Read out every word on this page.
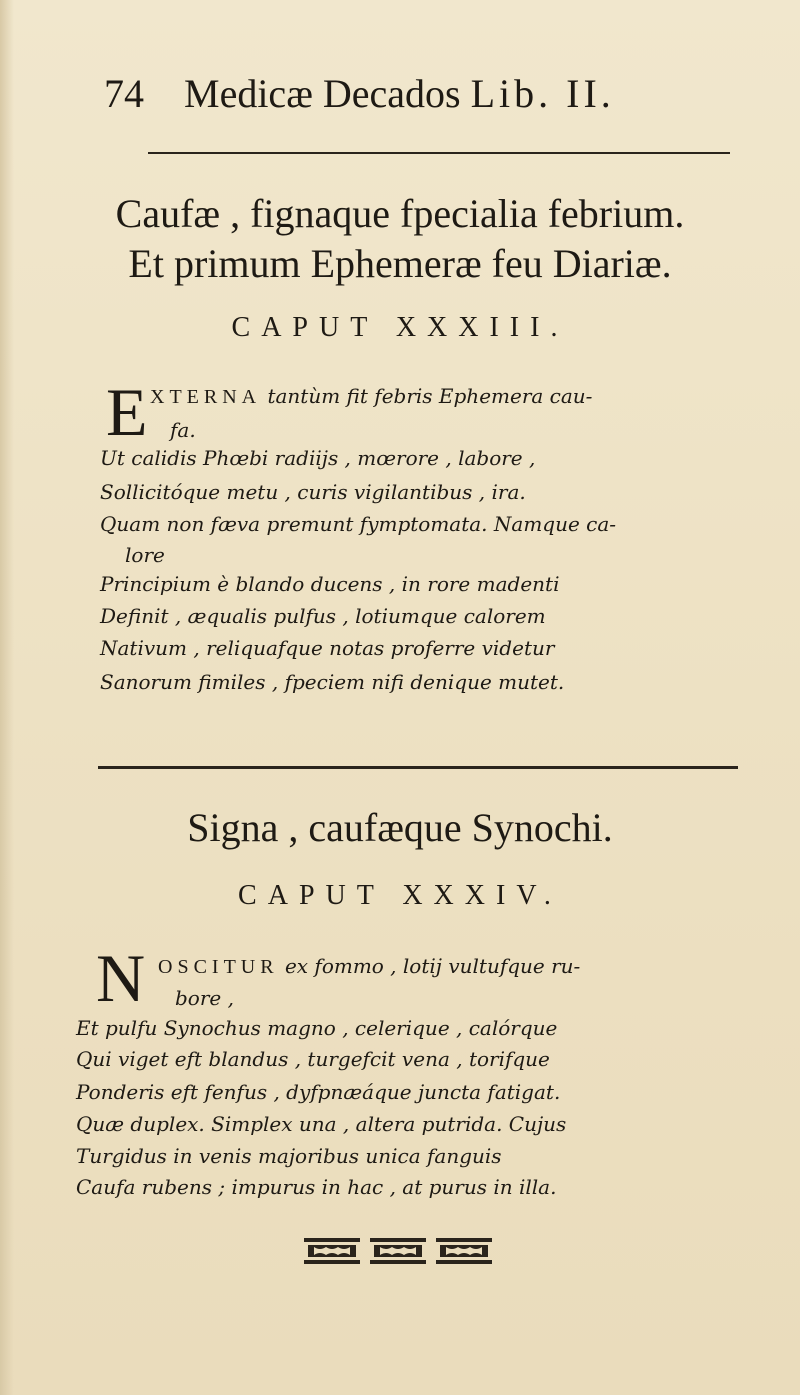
74 Medicæ Decados Lib. II.
Caufæ , fignaque fpecialia febrium.
Et primum Ephemeræ feu Diariæ.
CAPUT XXXIII.
E XTERNA tantùm fit febris Ephemera cau-
fa.
Ut calidis Phœbi radiijs , mœrore , labore ,
Sollicitóque metu , curis vigilantibus , ira.
Quam non fæva premunt fymptomata. Namque ca-
lore
Principium è blando ducens , in rore madenti
Definit , æqualis pulfus , lotiumque calorem
Nativum , reliquafque notas proferre videtur
Sanorum fimiles , fpeciem nifi denique mutet.
Signa , caufæque Synochi.
CAPUT XXXIV.
N OSCITUR ex fommo , lotij vultufque ru-
bore ,
Et pulfu Synochus magno , celerique , calórque
Qui viget eft blandus , turgefcit vena , torifque
Ponderis eft fenfus , dyfpnæáque juncta fatigat.
Quæ duplex. Simplex una , altera putrida. Cujus
Turgidus in venis majoribus unica fanguis
Caufa rubens ; impurus in hac , at purus in illa.
